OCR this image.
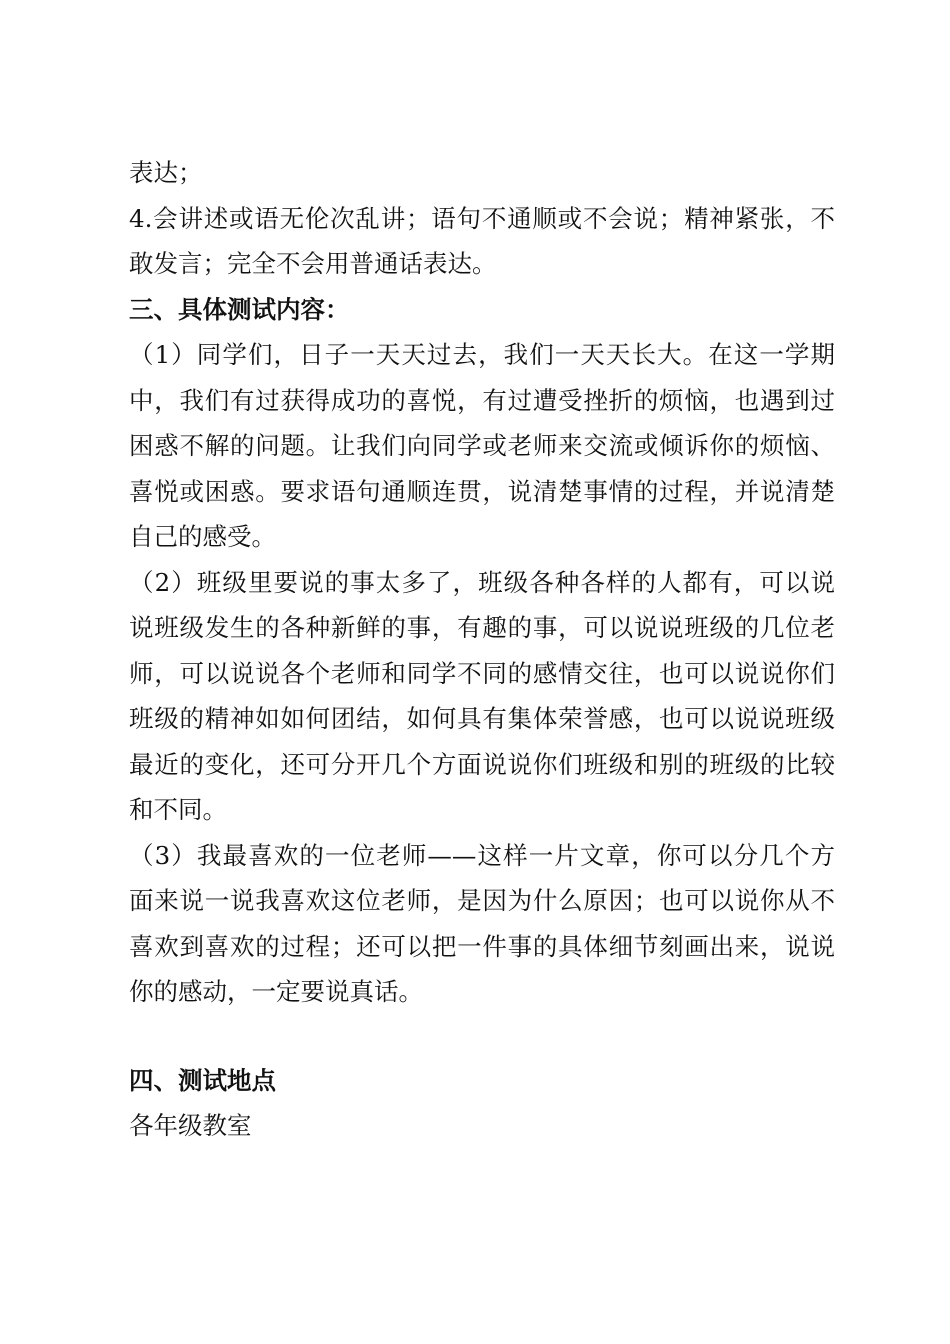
表达；
4.会讲述或语无伦次乱讲；语句不通顺或不会说；精神紧张，不
敢发言；完全不会用普通话表达。
三、具体测试内容：
（1）同学们，日子一天天过去，我们一天天长大。在这一学期
中，我们有过获得成功的喜悦，有过遭受挫折的烦恼，也遇到过
困惑不解的问题。让我们向同学或老师来交流或倾诉你的烦恼、
喜悦或困惑。要求语句通顺连贯，说清楚事情的过程，并说清楚
自己的感受。
（2）班级里要说的事太多了，班级各种各样的人都有，可以说
说班级发生的各种新鲜的事，有趣的事，可以说说班级的几位老
师，可以说说各个老师和同学不同的感情交往，也可以说说你们
班级的精神如如何团结，如何具有集体荣誉感，也可以说说班级
最近的变化，还可分开几个方面说说你们班级和别的班级的比较
和不同。
（3）我最喜欢的一位老师——这样一片文章，你可以分几个方
面来说一说我喜欢这位老师，是因为什么原因；也可以说你从不
喜欢到喜欢的过程；还可以把一件事的具体细节刻画出来，说说
你的感动，一定要说真话。
四、测试地点
各年级教室
